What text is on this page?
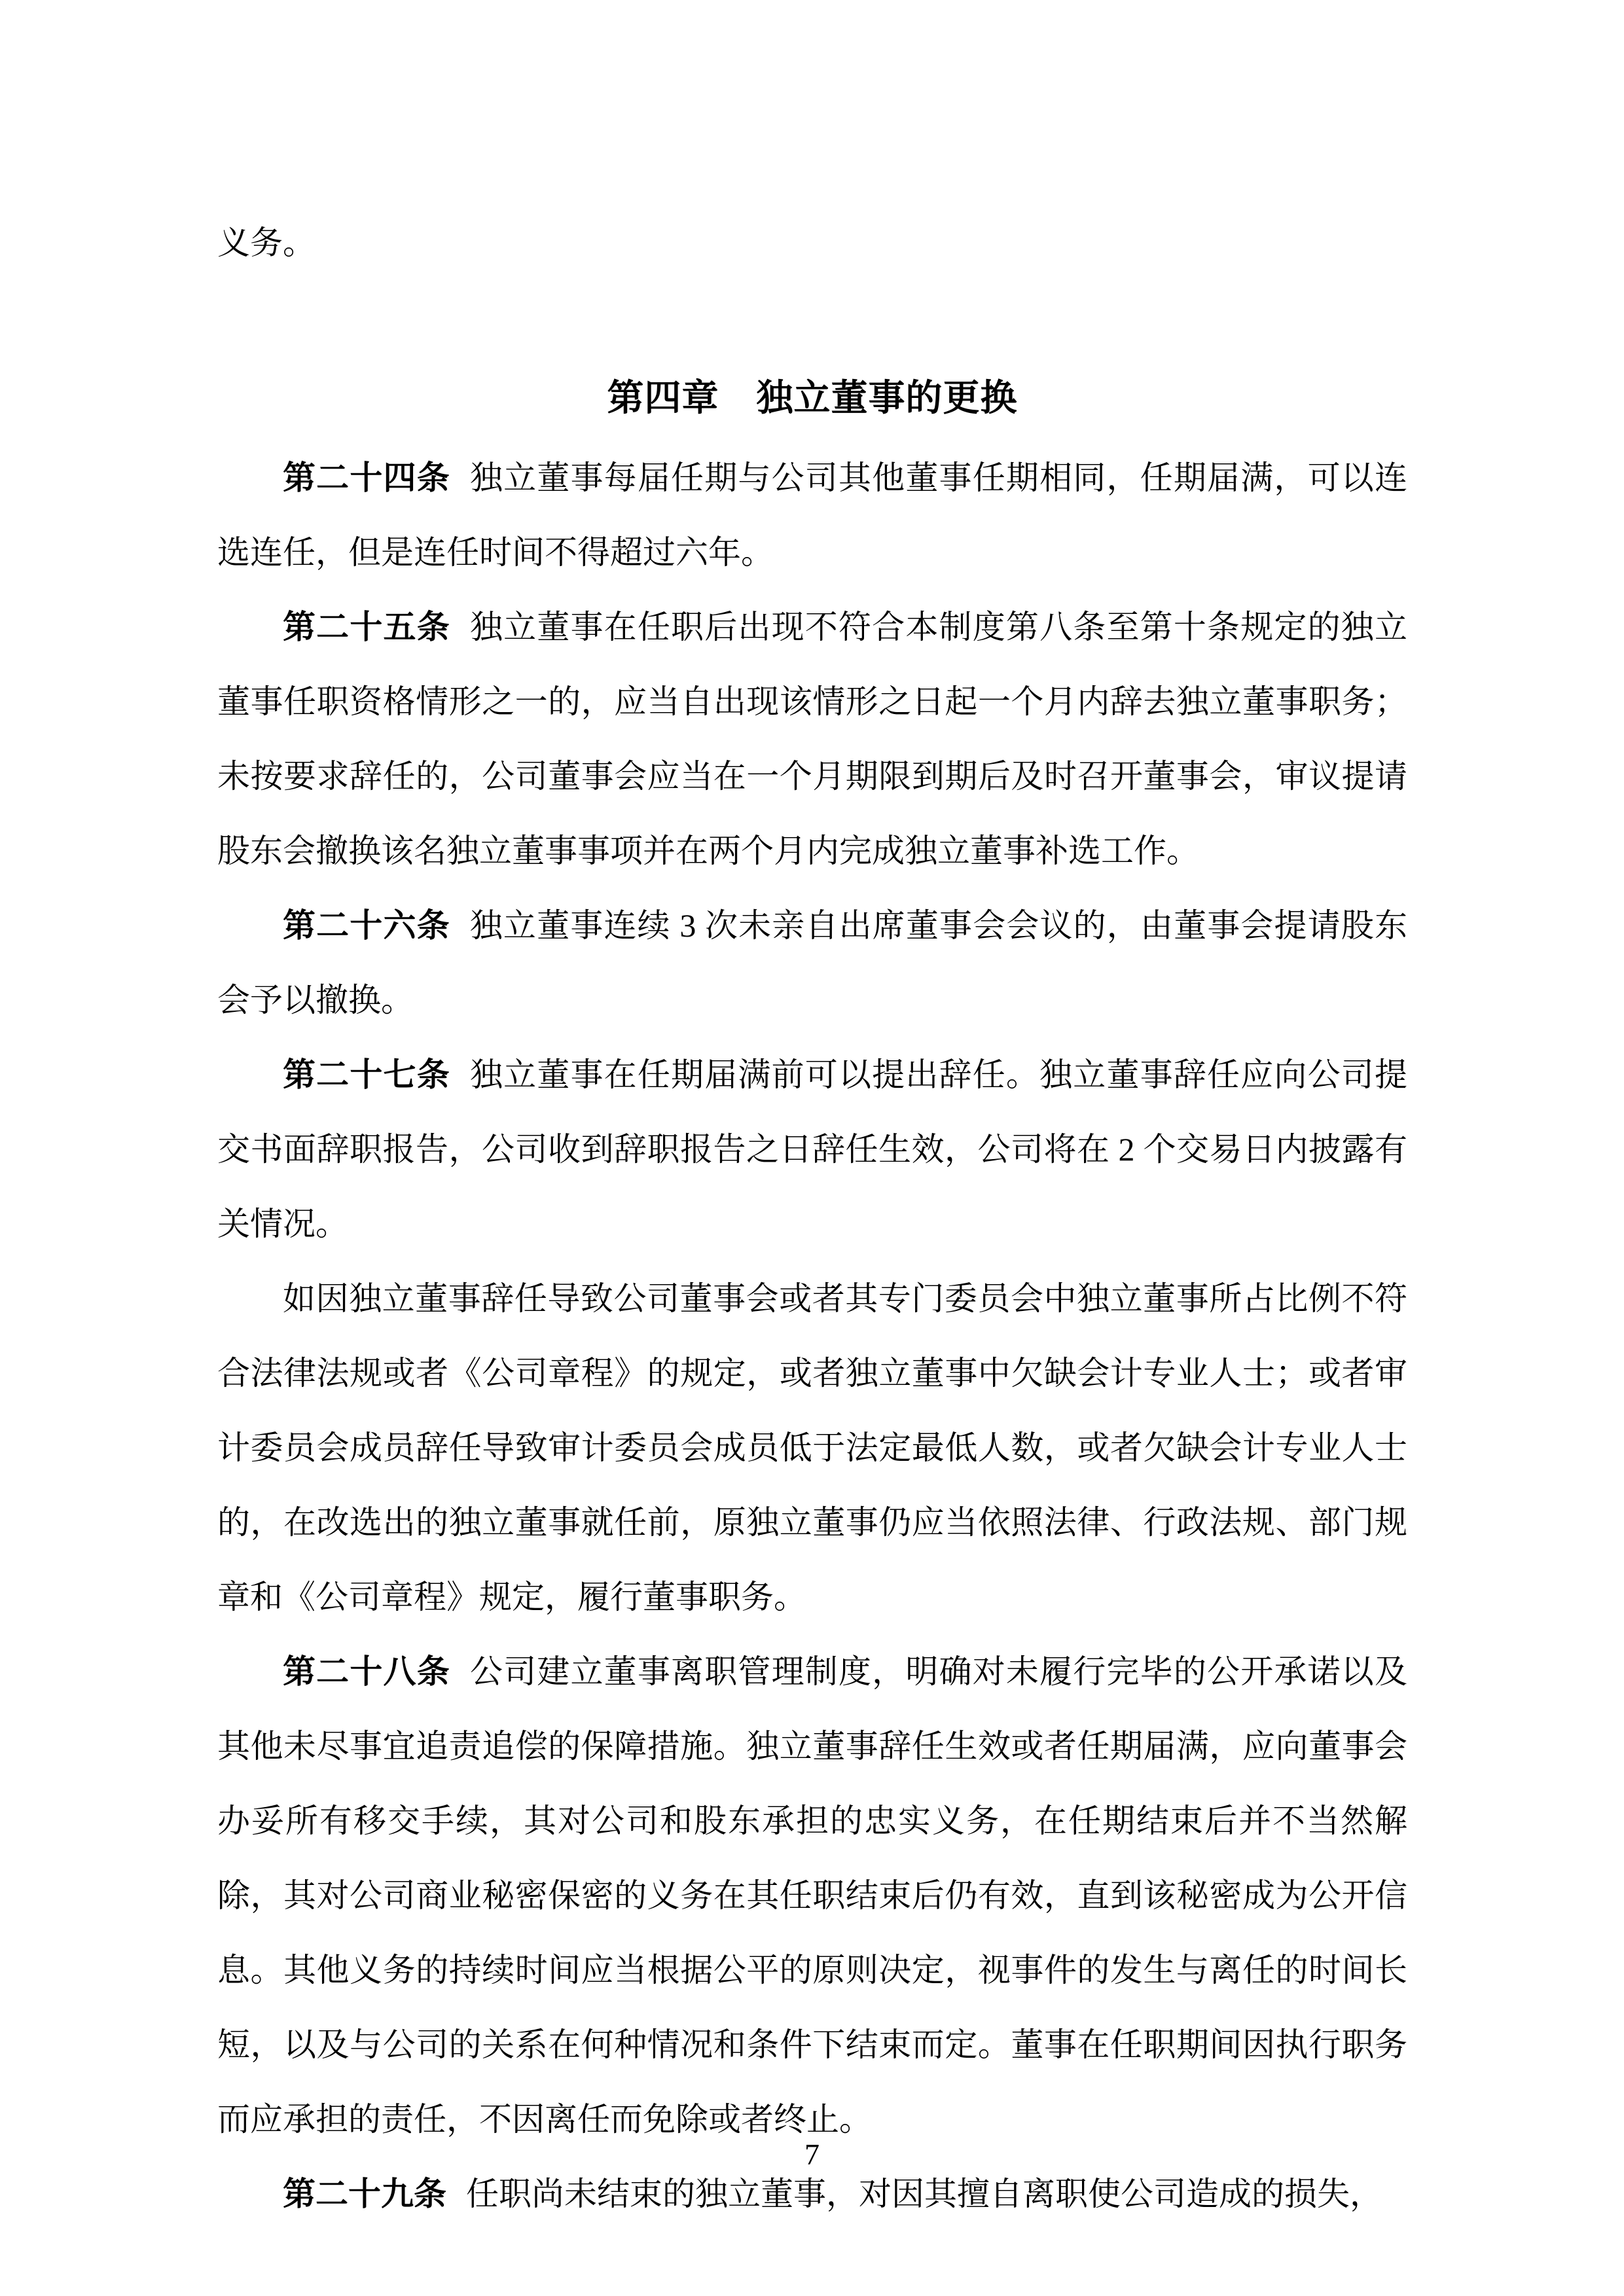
义务。

第四章　独立董事的更换

第二十四条 独立董事每届任期与公司其他董事任期相同，任期届满，可以连选连任，但是连任时间不得超过六年。

第二十五条 独立董事在任职后出现不符合本制度第八条至第十条规定的独立董事任职资格情形之一的，应当自出现该情形之日起一个月内辞去独立董事职务；未按要求辞任的，公司董事会应当在一个月期限到期后及时召开董事会，审议提请股东会撤换该名独立董事事项并在两个月内完成独立董事补选工作。

第二十六条 独立董事连续 3 次未亲自出席董事会会议的，由董事会提请股东会予以撤换。

第二十七条 独立董事在任期届满前可以提出辞任。独立董事辞任应向公司提交书面辞职报告，公司收到辞职报告之日辞任生效，公司将在 2 个交易日内披露有关情况。

如因独立董事辞任导致公司董事会或者其专门委员会中独立董事所占比例不符合法律法规或者《公司章程》的规定，或者独立董事中欠缺会计专业人士；或者审计委员会成员辞任导致审计委员会成员低于法定最低人数，或者欠缺会计专业人士的，在改选出的独立董事就任前，原独立董事仍应当依照法律、行政法规、部门规章和《公司章程》规定，履行董事职务。

第二十八条 公司建立董事离职管理制度，明确对未履行完毕的公开承诺以及其他未尽事宜追责追偿的保障措施。独立董事辞任生效或者任期届满，应向董事会办妥所有移交手续，其对公司和股东承担的忠实义务，在任期结束后并不当然解除，其对公司商业秘密保密的义务在其任职结束后仍有效，直到该秘密成为公开信息。其他义务的持续时间应当根据公平的原则决定，视事件的发生与离任的时间长短，以及与公司的关系在何种情况和条件下结束而定。董事在任职期间因执行职务而应承担的责任，不因离任而免除或者终止。

第二十九条 任职尚未结束的独立董事，对因其擅自离职使公司造成的损失，

7
